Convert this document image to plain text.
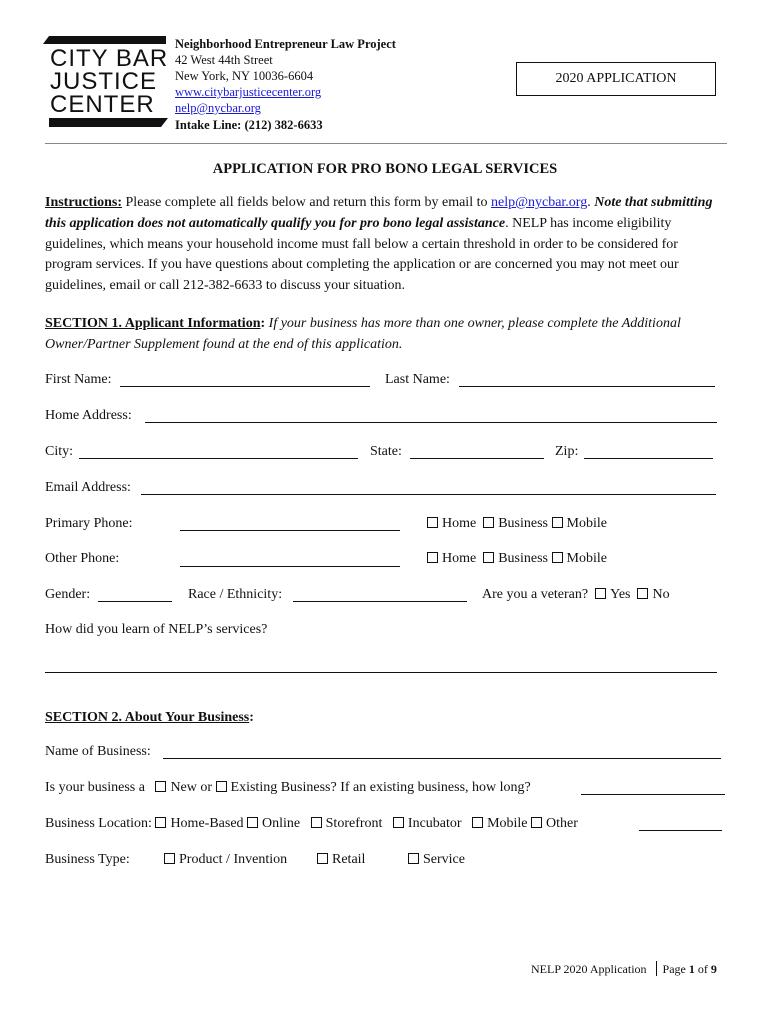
CITY BAR
JUSTICE
CENTER
Neighborhood Entrepreneur Law Project
42 West 44th Street
New York, NY 10036-6604
www.citybarjusticecenter.org
nelp@nycbar.org
Intake Line: (212) 382-6633
2020 APPLICATION
APPLICATION FOR PRO BONO LEGAL SERVICES
Instructions: Please complete all fields below and return this form by email to nelp@nycbar.org. Note that submitting this application does not automatically qualify you for pro bono legal assistance. NELP has income eligibility guidelines, which means your household income must fall below a certain threshold in order to be considered for program services. If you have questions about completing the application or are concerned you may not meet our guidelines, email or call 212-382-6633 to discuss your situation.
SECTION 1. Applicant Information: If your business has more than one owner, please complete the Additional Owner/Partner Supplement found at the end of this application.
First Name:	Last Name:
Home Address:
City:	State:	Zip:
Email Address:
Primary Phone:	Home Business Mobile
Other Phone:	Home Business Mobile
Gender:	Race / Ethnicity:	Are you a veteran? Yes No
How did you learn of NELP’s services?
SECTION 2. About Your Business:
Name of Business:
Is your business a New or Existing Business? If an existing business, how long?
Business Location: Home-Based Online Storefront Incubator Mobile Other
Business Type:	Product / Invention	Retail	Service
NELP 2020 Application Page 1 of 9
